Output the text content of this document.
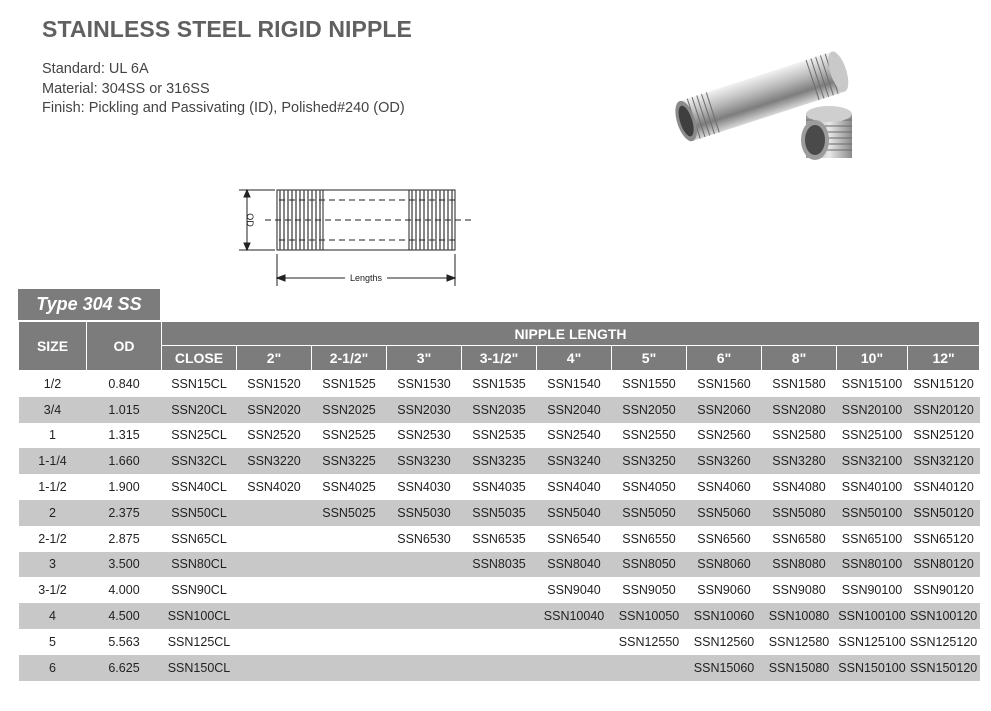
STAINLESS STEEL RIGID NIPPLE
Standard: UL 6A
Material: 304SS or 316SS
Finish: Pickling and Passivating (ID), Polished#240 (OD)
OD
Lengths
Type 304 SS
SIZE	OD	NIPPLE LENGTH										
		CLOSE	2"	2-1/2"	3"	3-1/2"	4"	5"	6"	8"	10"	12"
1/2	0.840	SSN15CL	SSN1520	SSN1525	SSN1530	SSN1535	SSN1540	SSN1550	SSN1560	SSN1580	SSN15100	SSN15120
3/4	1.015	SSN20CL	SSN2020	SSN2025	SSN2030	SSN2035	SSN2040	SSN2050	SSN2060	SSN2080	SSN20100	SSN20120
1	1.315	SSN25CL	SSN2520	SSN2525	SSN2530	SSN2535	SSN2540	SSN2550	SSN2560	SSN2580	SSN25100	SSN25120
1-1/4	1.660	SSN32CL	SSN3220	SSN3225	SSN3230	SSN3235	SSN3240	SSN3250	SSN3260	SSN3280	SSN32100	SSN32120
1-1/2	1.900	SSN40CL	SSN4020	SSN4025	SSN4030	SSN4035	SSN4040	SSN4050	SSN4060	SSN4080	SSN40100	SSN40120
2	2.375	SSN50CL		SSN5025	SSN5030	SSN5035	SSN5040	SSN5050	SSN5060	SSN5080	SSN50100	SSN50120
2-1/2	2.875	SSN65CL			SSN6530	SSN6535	SSN6540	SSN6550	SSN6560	SSN6580	SSN65100	SSN65120
3	3.500	SSN80CL				SSN8035	SSN8040	SSN8050	SSN8060	SSN8080	SSN80100	SSN80120
3-1/2	4.000	SSN90CL					SSN9040	SSN9050	SSN9060	SSN9080	SSN90100	SSN90120
4	4.500	SSN100CL					SSN10040	SSN10050	SSN10060	SSN10080	SSN100100	SSN100120
5	5.563	SSN125CL						SSN12550	SSN12560	SSN12580	SSN125100	SSN125120
6	6.625	SSN150CL							SSN15060	SSN15080	SSN150100	SSN150120
